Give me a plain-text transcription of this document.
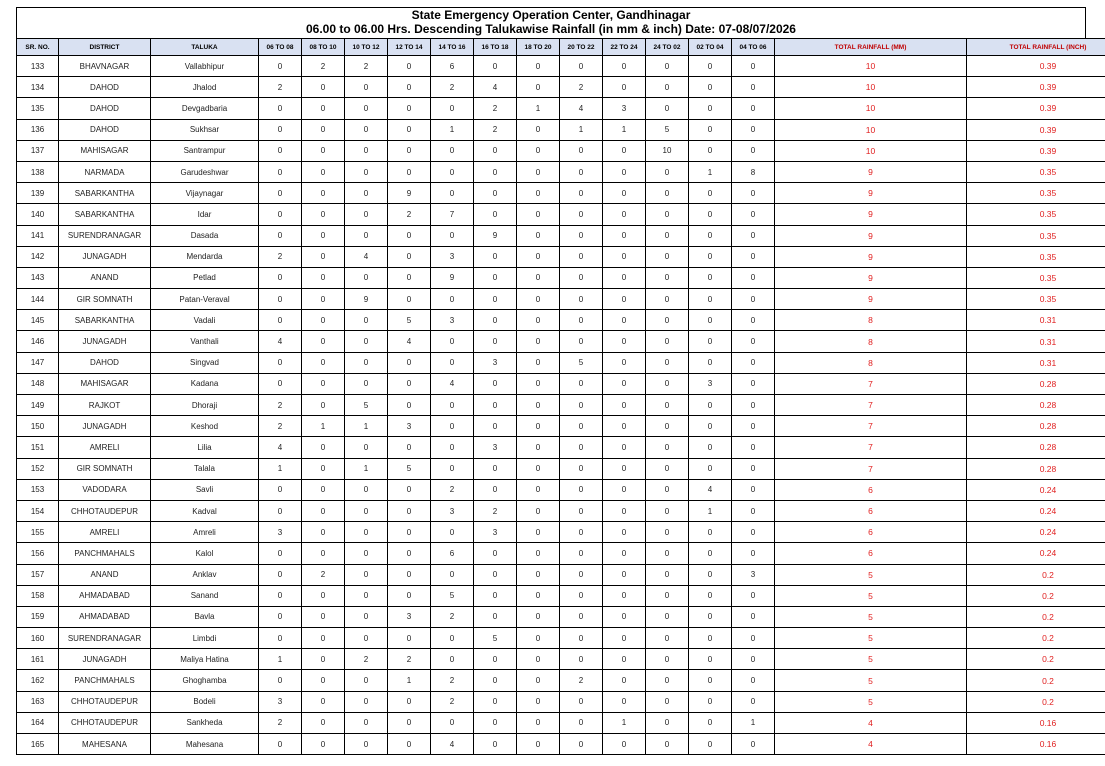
State Emergency Operation Center, Gandhinagar
06.00 to 06.00 Hrs. Descending Talukawise Rainfall (in mm & inch) Date: 07-08/07/2026
SR. NO.	DISTRICT	TALUKA	06 TO 08	08 TO 10	10 TO 12	12 TO 14	14 TO 16	16 TO 18	18 TO 20	20 TO 22	22 TO 24	24 TO 02	02 TO 04	04 TO 06	TOTAL RAINFALL (MM)	TOTAL RAINFALL (INCH)
133	BHAVNAGAR	Vallabhipur	0	2	2	0	6	0	0	0	0	0	0	0	10	0.39
134	DAHOD	Jhalod	2	0	0	0	2	4	0	2	0	0	0	0	10	0.39
135	DAHOD	Devgadbaria	0	0	0	0	0	2	1	4	3	0	0	0	10	0.39
136	DAHOD	Sukhsar	0	0	0	0	1	2	0	1	1	5	0	0	10	0.39
137	MAHISAGAR	Santrampur	0	0	0	0	0	0	0	0	0	10	0	0	10	0.39
138	NARMADA	Garudeshwar	0	0	0	0	0	0	0	0	0	0	1	8	9	0.35
139	SABARKANTHA	Vijaynagar	0	0	0	9	0	0	0	0	0	0	0	0	9	0.35
140	SABARKANTHA	Idar	0	0	0	2	7	0	0	0	0	0	0	0	9	0.35
141	SURENDRANAGAR	Dasada	0	0	0	0	0	9	0	0	0	0	0	0	9	0.35
142	JUNAGADH	Mendarda	2	0	4	0	3	0	0	0	0	0	0	0	9	0.35
143	ANAND	Petlad	0	0	0	0	9	0	0	0	0	0	0	0	9	0.35
144	GIR SOMNATH	Patan-Veraval	0	0	9	0	0	0	0	0	0	0	0	0	9	0.35
145	SABARKANTHA	Vadali	0	0	0	5	3	0	0	0	0	0	0	0	8	0.31
146	JUNAGADH	Vanthali	4	0	0	4	0	0	0	0	0	0	0	0	8	0.31
147	DAHOD	Singvad	0	0	0	0	0	3	0	5	0	0	0	0	8	0.31
148	MAHISAGAR	Kadana	0	0	0	0	4	0	0	0	0	0	3	0	7	0.28
149	RAJKOT	Dhoraji	2	0	5	0	0	0	0	0	0	0	0	0	7	0.28
150	JUNAGADH	Keshod	2	1	1	3	0	0	0	0	0	0	0	0	7	0.28
151	AMRELI	Lilia	4	0	0	0	0	3	0	0	0	0	0	0	7	0.28
152	GIR SOMNATH	Talala	1	0	1	5	0	0	0	0	0	0	0	0	7	0.28
153	VADODARA	Savli	0	0	0	0	2	0	0	0	0	0	4	0	6	0.24
154	CHHOTAUDEPUR	Kadval	0	0	0	0	3	2	0	0	0	0	1	0	6	0.24
155	AMRELI	Amreli	3	0	0	0	0	3	0	0	0	0	0	0	6	0.24
156	PANCHMAHALS	Kalol	0	0	0	0	6	0	0	0	0	0	0	0	6	0.24
157	ANAND	Anklav	0	2	0	0	0	0	0	0	0	0	0	3	5	0.2
158	AHMADABAD	Sanand	0	0	0	0	5	0	0	0	0	0	0	0	5	0.2
159	AHMADABAD	Bavla	0	0	0	3	2	0	0	0	0	0	0	0	5	0.2
160	SURENDRANAGAR	Limbdi	0	0	0	0	0	5	0	0	0	0	0	0	5	0.2
161	JUNAGADH	Maliya Hatina	1	0	2	2	0	0	0	0	0	0	0	0	5	0.2
162	PANCHMAHALS	Ghoghamba	0	0	0	1	2	0	0	2	0	0	0	0	5	0.2
163	CHHOTAUDEPUR	Bodeli	3	0	0	0	2	0	0	0	0	0	0	0	5	0.2
164	CHHOTAUDEPUR	Sankheda	2	0	0	0	0	0	0	0	1	0	0	1	4	0.16
165	MAHESANA	Mahesana	0	0	0	0	4	0	0	0	0	0	0	0	4	0.16
